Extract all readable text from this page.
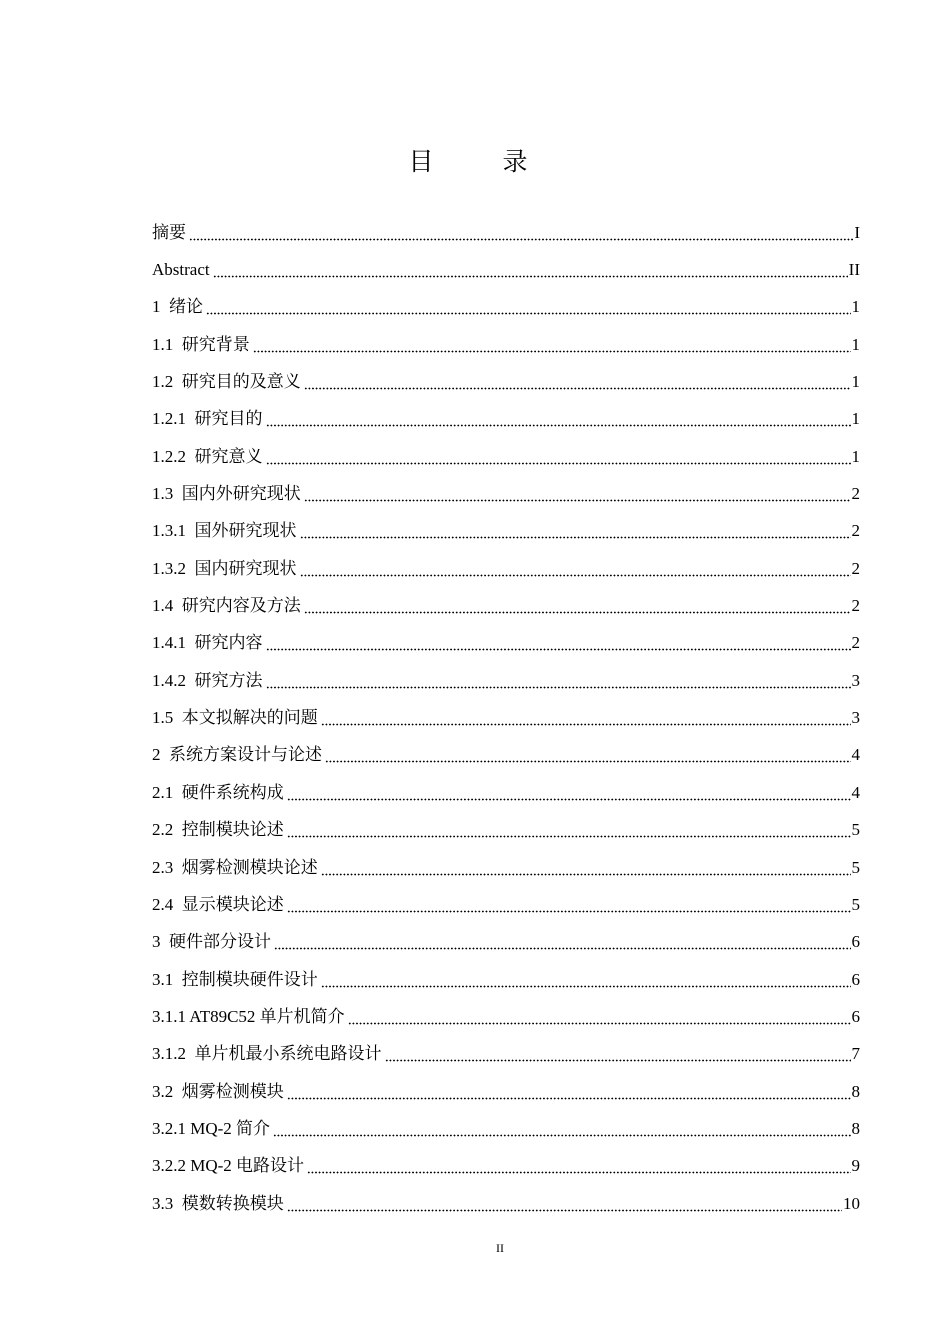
目　录
摘要	I
Abstract	II
1  绪论	1
1.1  研究背景	1
1.2  研究目的及意义	1
1.2.1  研究目的	1
1.2.2  研究意义	1
1.3  国内外研究现状	2
1.3.1  国外研究现状	2
1.3.2  国内研究现状	2
1.4  研究内容及方法	2
1.4.1  研究内容	2
1.4.2  研究方法	3
1.5  本文拟解决的问题	3
2  系统方案设计与论述	4
2.1  硬件系统构成	4
2.2  控制模块论述	5
2.3  烟雾检测模块论述	5
2.4  显示模块论述	5
3  硬件部分设计	6
3.1  控制模块硬件设计	6
3.1.1 AT89C52 单片机简介	6
3.1.2  单片机最小系统电路设计	7
3.2  烟雾检测模块	8
3.2.1 MQ-2 简介	8
3.2.2 MQ-2 电路设计	9
3.3  模数转换模块	10
II
